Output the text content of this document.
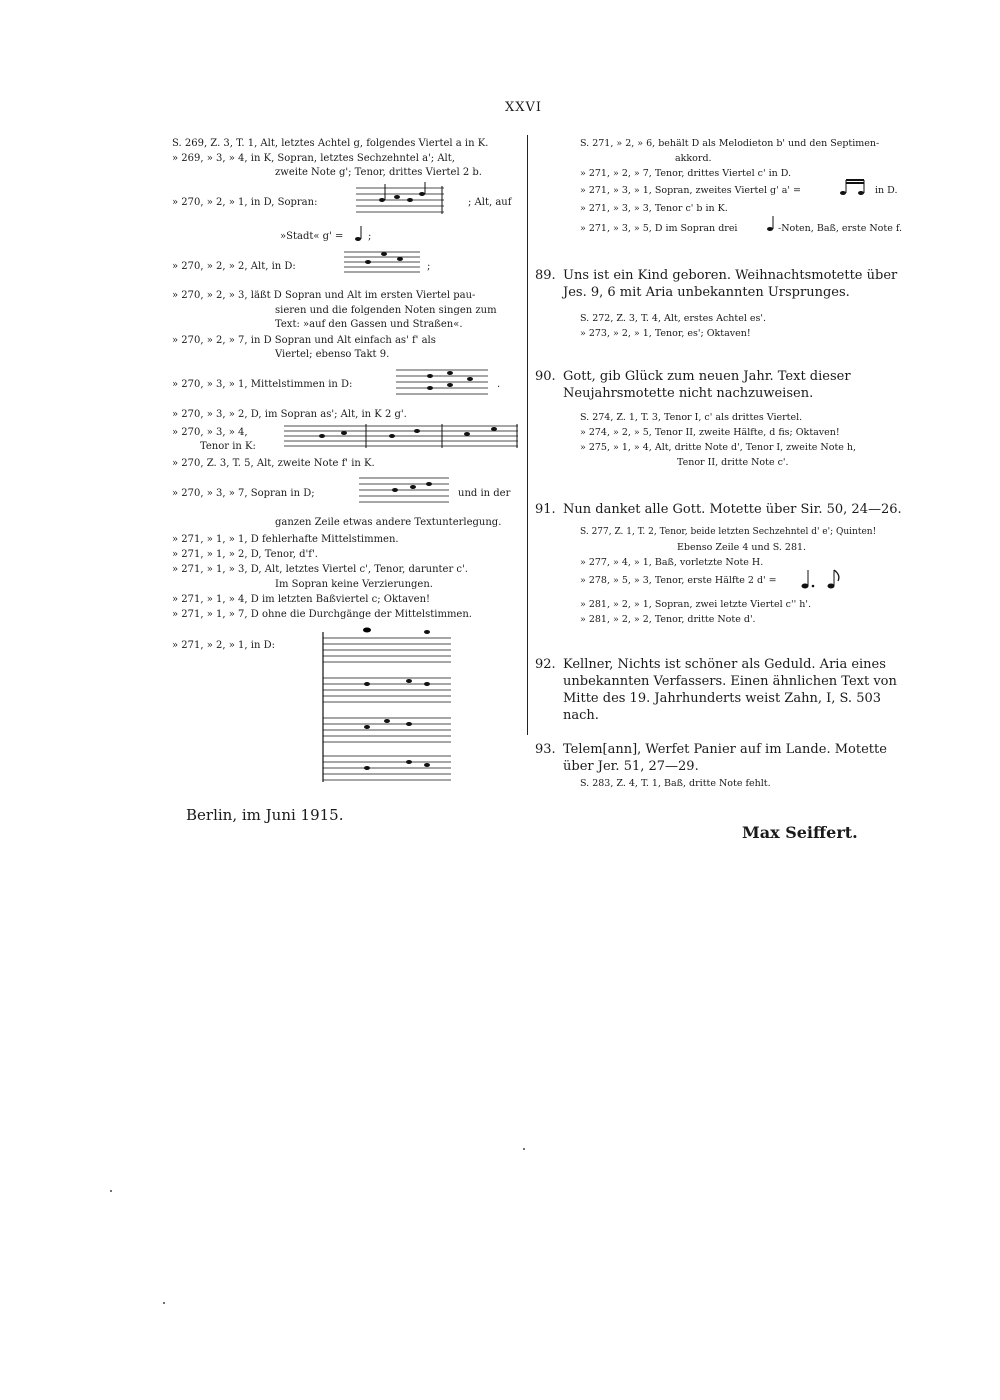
XXVI
S. 269, Z. 3, T. 1, Alt, letztes Achtel g, folgendes Viertel a in K.
» 269, » 3, » 4, in K, Sopran, letztes Sechzehntel a'; Alt,
zweite Note g'; Tenor, drittes Viertel 2 b.
» 270, » 2, » 1, in D, Sopran:	; Alt, auf
»Stadt« g' = ;
» 270, » 2, » 2, Alt, in D:	;
» 270, » 2, » 3, läßt D Sopran und Alt im ersten Viertel pau-
sieren und die folgenden Noten singen zum
Text: »auf den Gassen und Straßen«.
» 270, » 2, » 7, in D Sopran und Alt einfach as' f' als
Viertel; ebenso Takt 9.
» 270, » 3, » 1, Mittelstimmen in D:	.
» 270, » 3, » 2, D, im Sopran as'; Alt, in K 2 g'.
» 270, » 3, » 4,
Tenor in K:
» 270, Z. 3, T. 5, Alt, zweite Note f' in K.
» 270, » 3, » 7, Sopran in D;	und in der
ganzen Zeile etwas andere Textunterlegung.
» 271, » 1, » 1, D fehlerhafte Mittelstimmen.
» 271, » 1, » 2, D, Tenor, d'f'.
» 271, » 1, » 3, D, Alt, letztes Viertel c', Tenor, darunter c'.
Im Sopran keine Verzierungen.
» 271, » 1, » 4, D im letzten Baßviertel c; Oktaven!
» 271, » 1, » 7, D ohne die Durchgänge der Mittelstimmen.
» 271, » 2, » 1, in D:
S. 271, » 2, » 6, behält D als Melodieton b' und den Septimen-
akkord.
» 271, » 2, » 7, Tenor, drittes Viertel c' in D.
» 271, » 3, » 1, Sopran, zweites Viertel g' a' =	in D.
» 271, » 3, » 3, Tenor c' b in K.
» 271, » 3, » 5, D im Sopran drei	-Noten, Baß, erste Note f.
89. Uns ist ein Kind geboren. Weihnachtsmotette über Jes. 9, 6 mit Aria unbekannten Ursprunges.
S. 272, Z. 3, T. 4, Alt, erstes Achtel es'.
» 273, » 2, » 1, Tenor, es'; Oktaven!
90. Gott, gib Glück zum neuen Jahr. Text dieser Neujahrsmotette nicht nachzuweisen.
S. 274, Z. 1, T. 3, Tenor I, c' als drittes Viertel.
» 274, » 2, » 5, Tenor II, zweite Hälfte, d fis; Oktaven!
» 275, » 1, » 4, Alt, dritte Note d', Tenor I, zweite Note h,
Tenor II, dritte Note c'.
91. Nun danket alle Gott. Motette über Sir. 50, 24—26.
S. 277, Z. 1, T. 2, Tenor, beide letzten Sechzehntel d' e'; Quinten!
Ebenso Zeile 4 und S. 281.
» 277, » 4, » 1, Baß, vorletzte Note H.
» 278, » 5, » 3, Tenor, erste Hälfte 2 d' =
» 281, » 2, » 1, Sopran, zwei letzte Viertel c'' h'.
» 281, » 2, » 2, Tenor, dritte Note d'.
92. Kellner, Nichts ist schöner als Geduld. Aria eines unbekannten Verfassers. Einen ähnlichen Text von Mitte des 19. Jahrhunderts weist Zahn, I, S. 503 nach.
93. Telem[ann], Werfet Panier auf im Lande. Motette über Jer. 51, 27—29.
S. 283, Z. 4, T. 1, Baß, dritte Note fehlt.
Berlin, im Juni 1915.
Max Seiffert.
